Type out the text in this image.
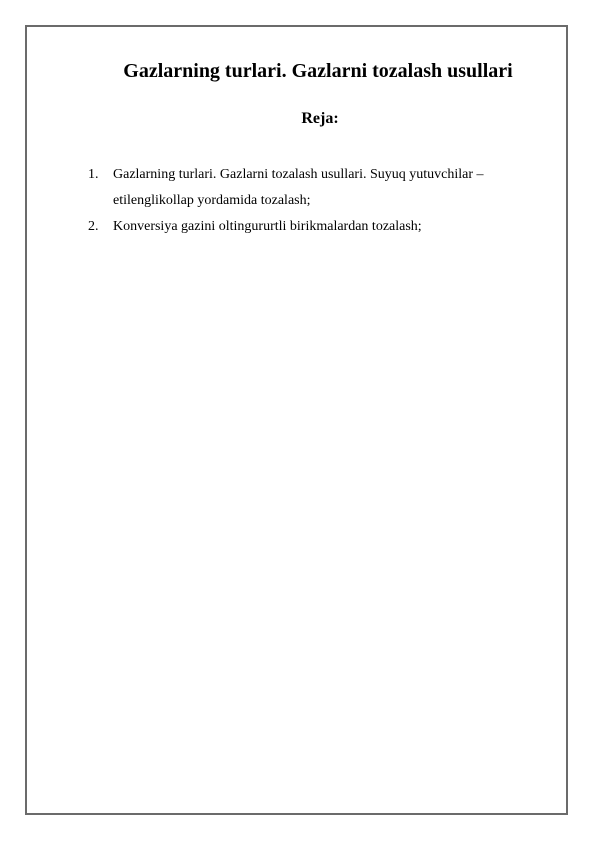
Gazlarning turlari. Gazlarni tozalash usullari
Reja:
1.	Gazlarning turlari. Gazlarni tozalash usullari. Suyuq yutuvchilar – etilenglikollap yordamida tozalash;
2.	Konversiya gazini oltingururtli birikmalardan tozalash;
